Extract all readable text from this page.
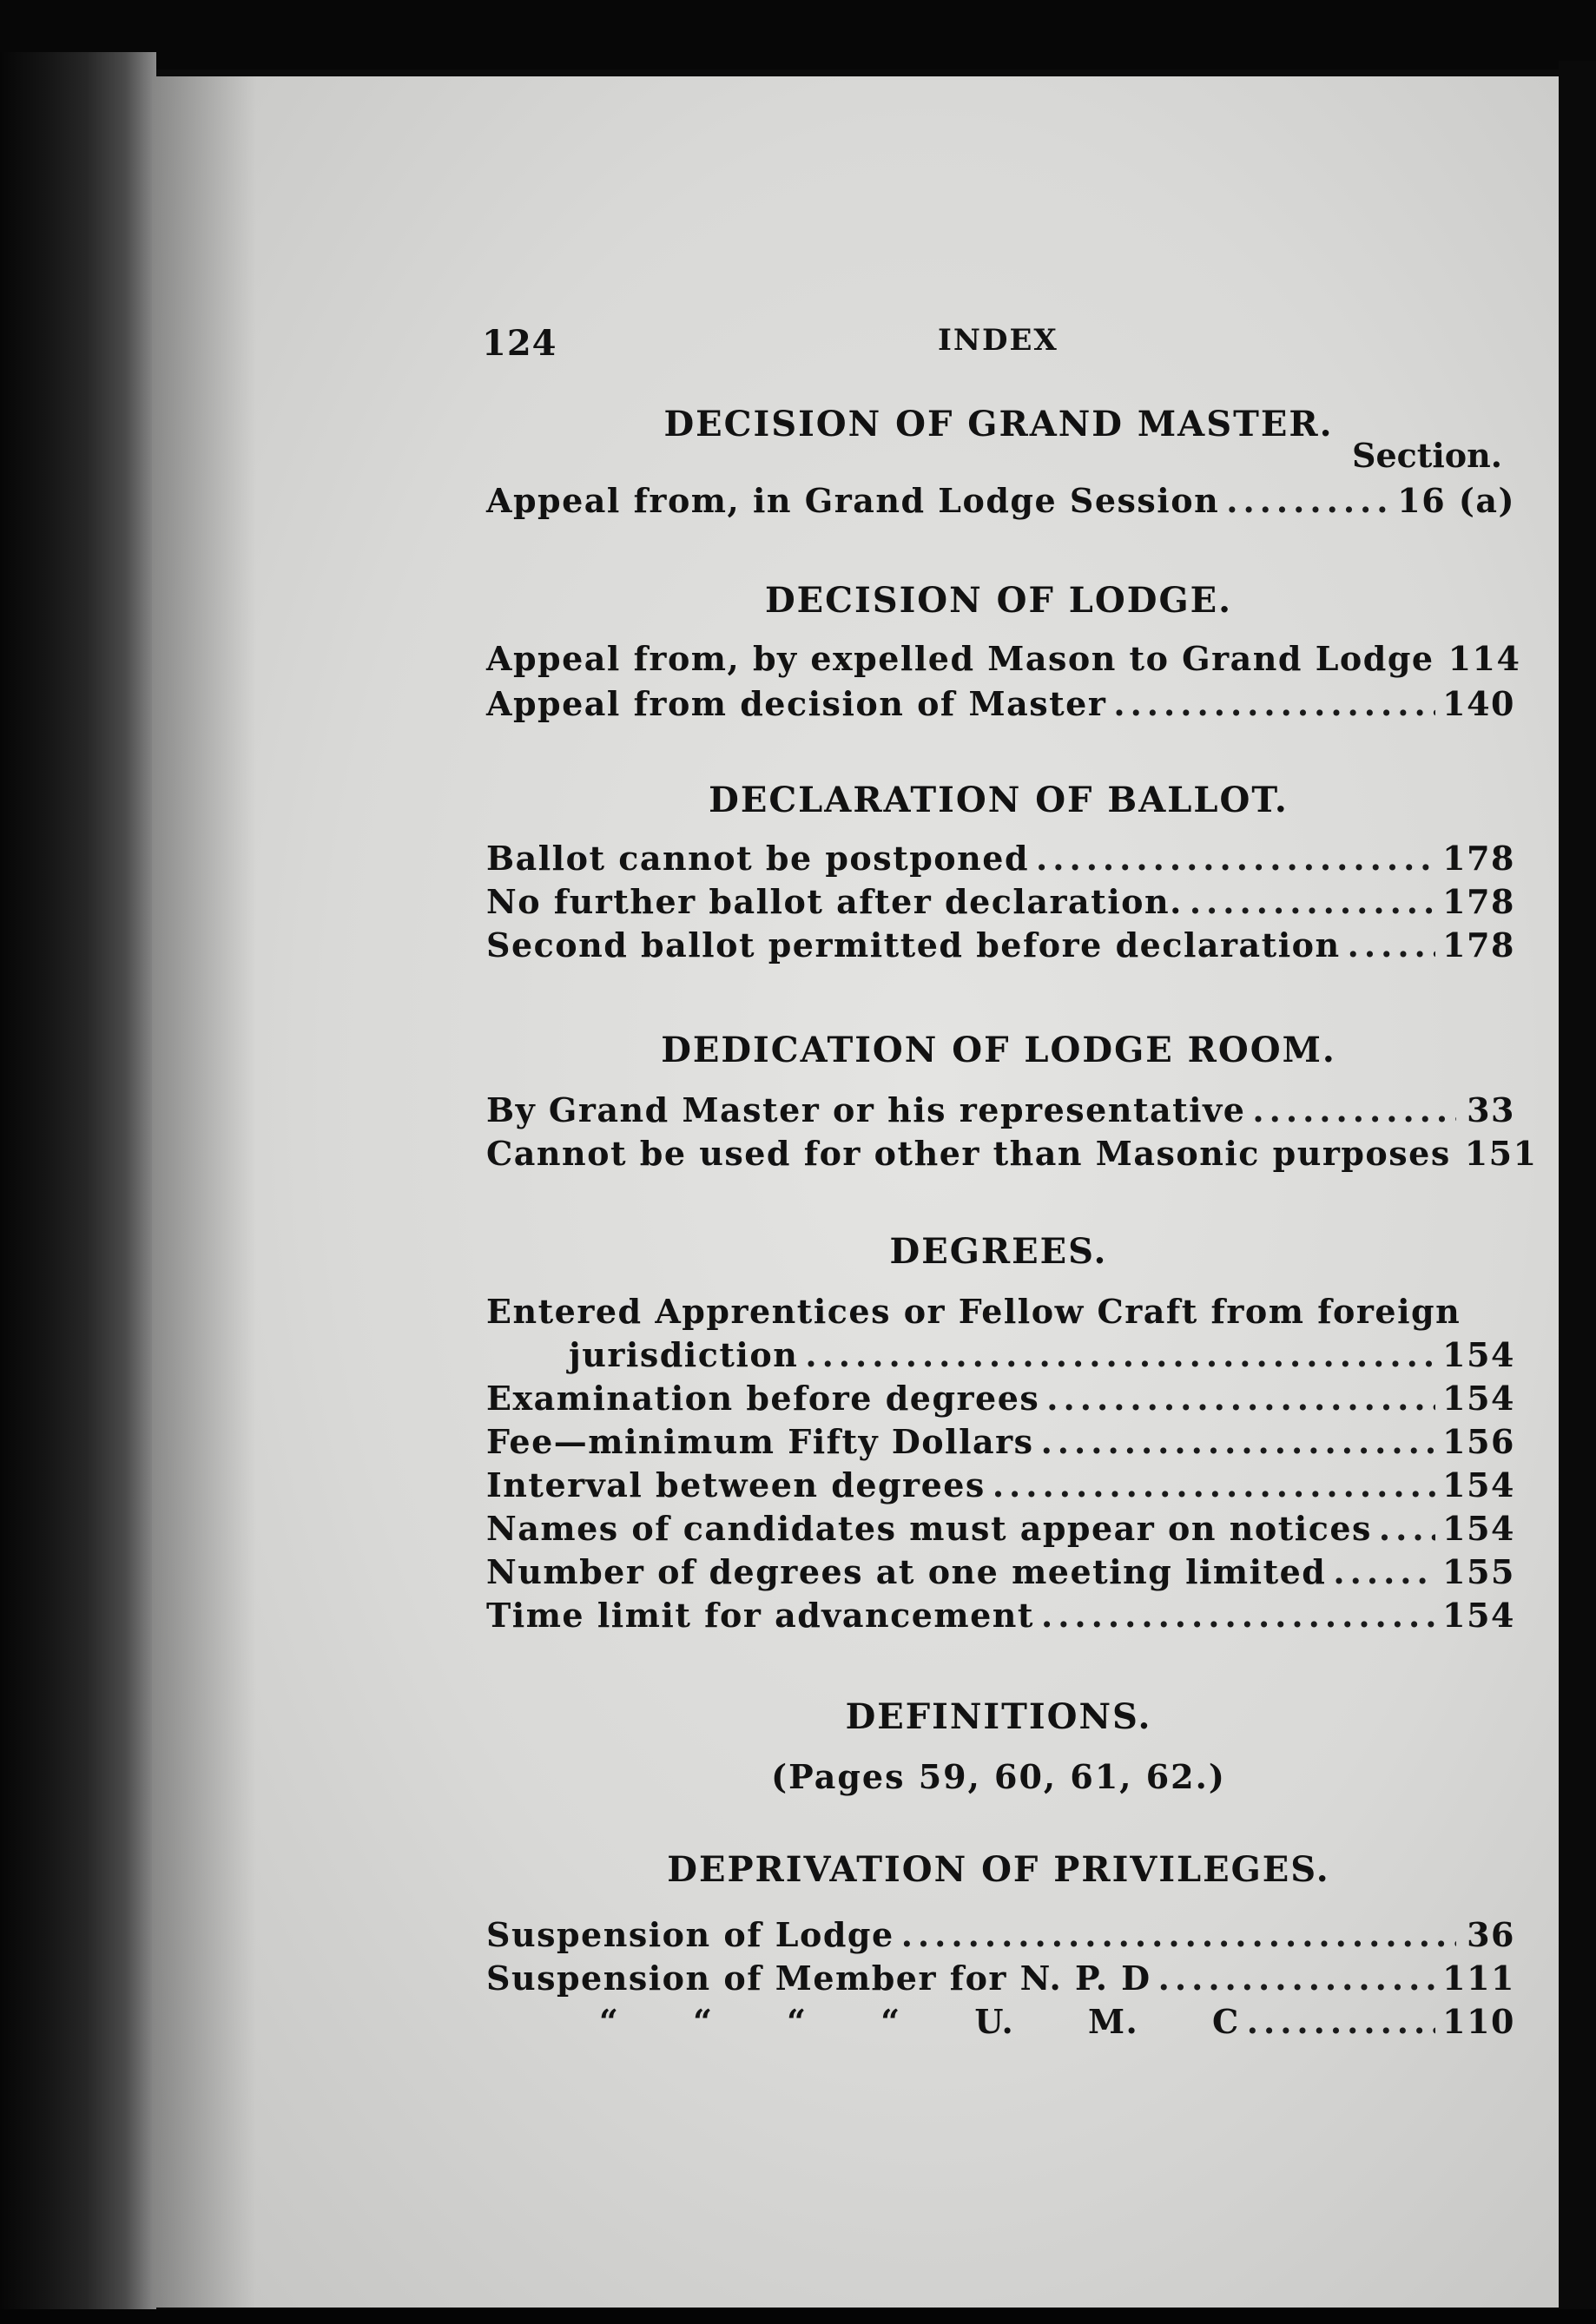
124	INDEX
DECISION OF GRAND MASTER.
Section.
Appeal from, in Grand Lodge Session .....	16 (a)
DECISION OF LODGE.
Appeal from, by expelled Mason to Grand Lodge 114
Appeal from decision of Master .....	140
DECLARATION OF BALLOT.
Ballot cannot be postponed .....	178
No further ballot after declaration. .....	178
Second ballot permitted before declaration .....	178
DEDICATION OF LODGE ROOM.
By Grand Master or his representative .....	33
Cannot be used for other than Masonic purposes 151
DEGREES.
Entered Apprentices or Fellow Craft from foreign
jurisdiction .....	154
Examination before degrees .....	154
Fee—minimum Fifty Dollars .....	156
Interval between degrees .....	154
Names of candidates must appear on notices ..... 154
Number of degrees at one meeting limited .....	155
Time limit for advancement .....	154
DEFINITIONS.
(Pages 59, 60, 61, 62.)
DEPRIVATION OF PRIVILEGES.
Suspension of Lodge .....	36
Suspension of Member for N. P. D .....	111
“ “ “ “ U. M. C .....	110
